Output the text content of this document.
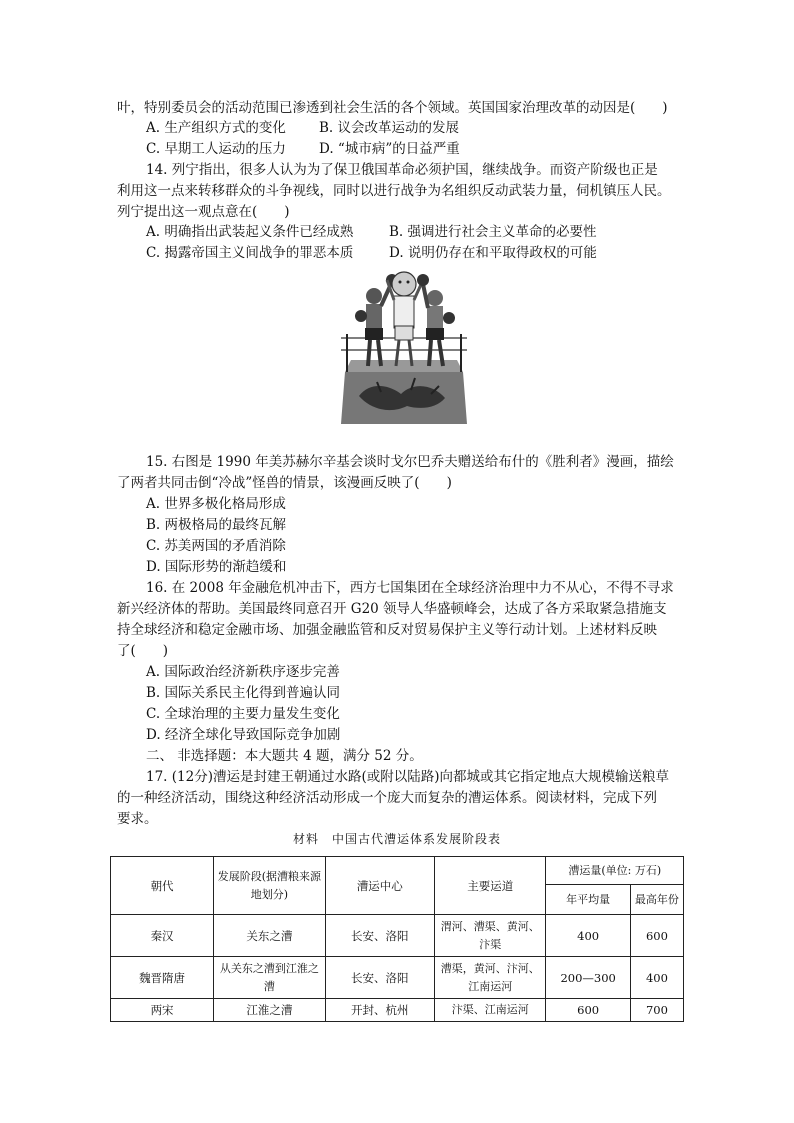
叶，特别委员会的活动范围已渗透到社会生活的各个领域。英国国家治理改革的动因是(　　)
A. 生产组织方式的变化 B. 议会改革运动的发展
C. 早期工人运动的压力 D. “城市病”的日益严重
14. 列宁指出，很多人认为为了保卫俄国革命必须护国，继续战争。而资产阶级也正是
利用这一点来转移群众的斗争视线，同时以进行战争为名组织反动武装力量，伺机镇压人民。
列宁提出这一观点意在(　　)
A. 明确指出武装起义条件已经成熟	B. 强调进行社会主义革命的必要性
C. 揭露帝国主义间战争的罪恶本质	D. 说明仍存在和平取得政权的可能
15. 右图是 1990 年美苏赫尔辛基会谈时戈尔巴乔夫赠送给布什的《胜利者》漫画，描绘
了两者共同击倒“冷战”怪兽的情景，该漫画反映了(　　)
A. 世界多极化格局形成
B. 两极格局的最终瓦解
C. 苏美两国的矛盾消除
D. 国际形势的渐趋缓和
16. 在 2008 年金融危机冲击下，西方七国集团在全球经济治理中力不从心，不得不寻求
新兴经济体的帮助。美国最终同意召开 G20 领导人华盛顿峰会，达成了各方采取紧急措施支
持全球经济和稳定金融市场、加强金融监管和反对贸易保护主义等行动计划。上述材料反映
了(　　)
A. 国际政治经济新秩序逐步完善
B. 国际关系民主化得到普遍认同
C. 全球治理的主要力量发生变化
D. 经济全球化导致国际竞争加剧
二、 非选择题：本大题共 4 题，满分 52 分。
17. (12分)漕运是封建王朝通过水路(或附以陆路)向都城或其它指定地点大规模输送粮草
的一种经济活动，围绕这种经济活动形成一个庞大而复杂的漕运体系。阅读材料，完成下列
要求。
材料　中国古代漕运体系发展阶段表
朝代	发展阶段(据漕粮来源地划分)	漕运中心	主要运道	漕运量(单位: 万石)	
				年平均量	最高年份
秦汉	关东之漕	长安、洛阳	渭河、漕渠、黄河、汴渠	400	600
魏晋隋唐	从关东之漕到江淮之漕	长安、洛阳	漕渠，黄河、汴河、江南运河	200—300	400
两宋	江淮之漕	开封、杭州	汴渠、江南运河	600	700
